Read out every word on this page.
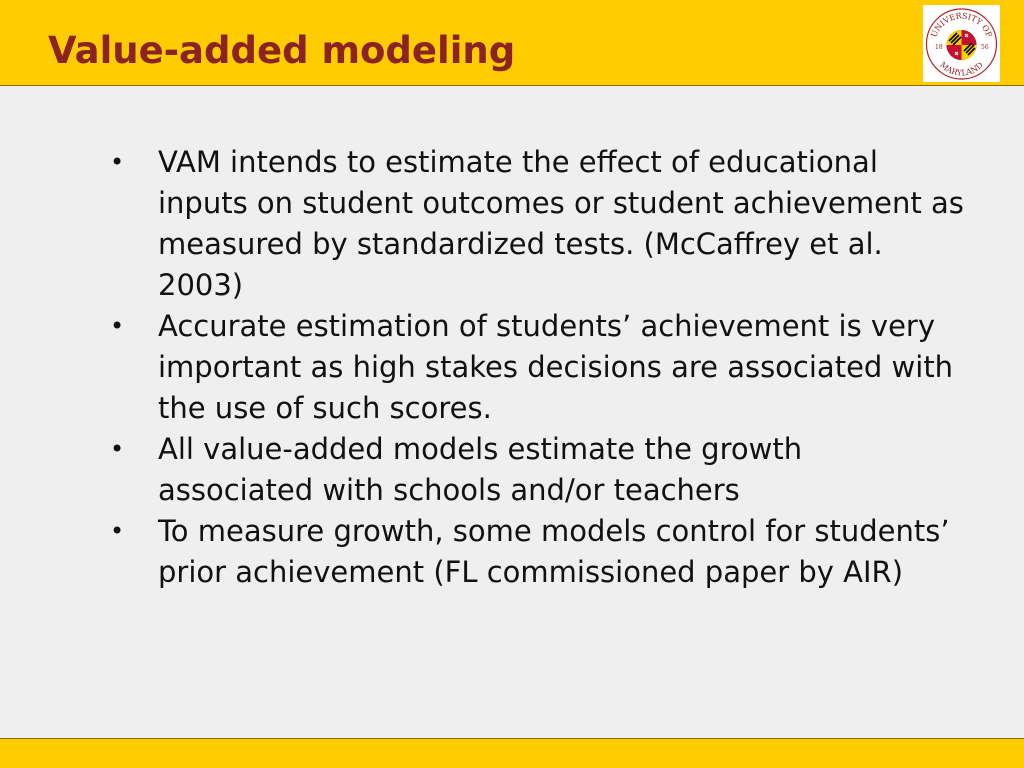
Value-added modeling	UNIVERSITY OF
MARYLAND
18	56
• VAM intends to estimate the effect of educational inputs on student outcomes or student achievement as measured by standardized tests. (McCaffrey et al. 2003)
• Accurate estimation of students’ achievement is very important as high stakes decisions are associated with the use of such scores.
• All value-added models estimate the growth associated with schools and/or teachers
• To measure growth, some models control for students’ prior achievement (FL commissioned paper by AIR)
